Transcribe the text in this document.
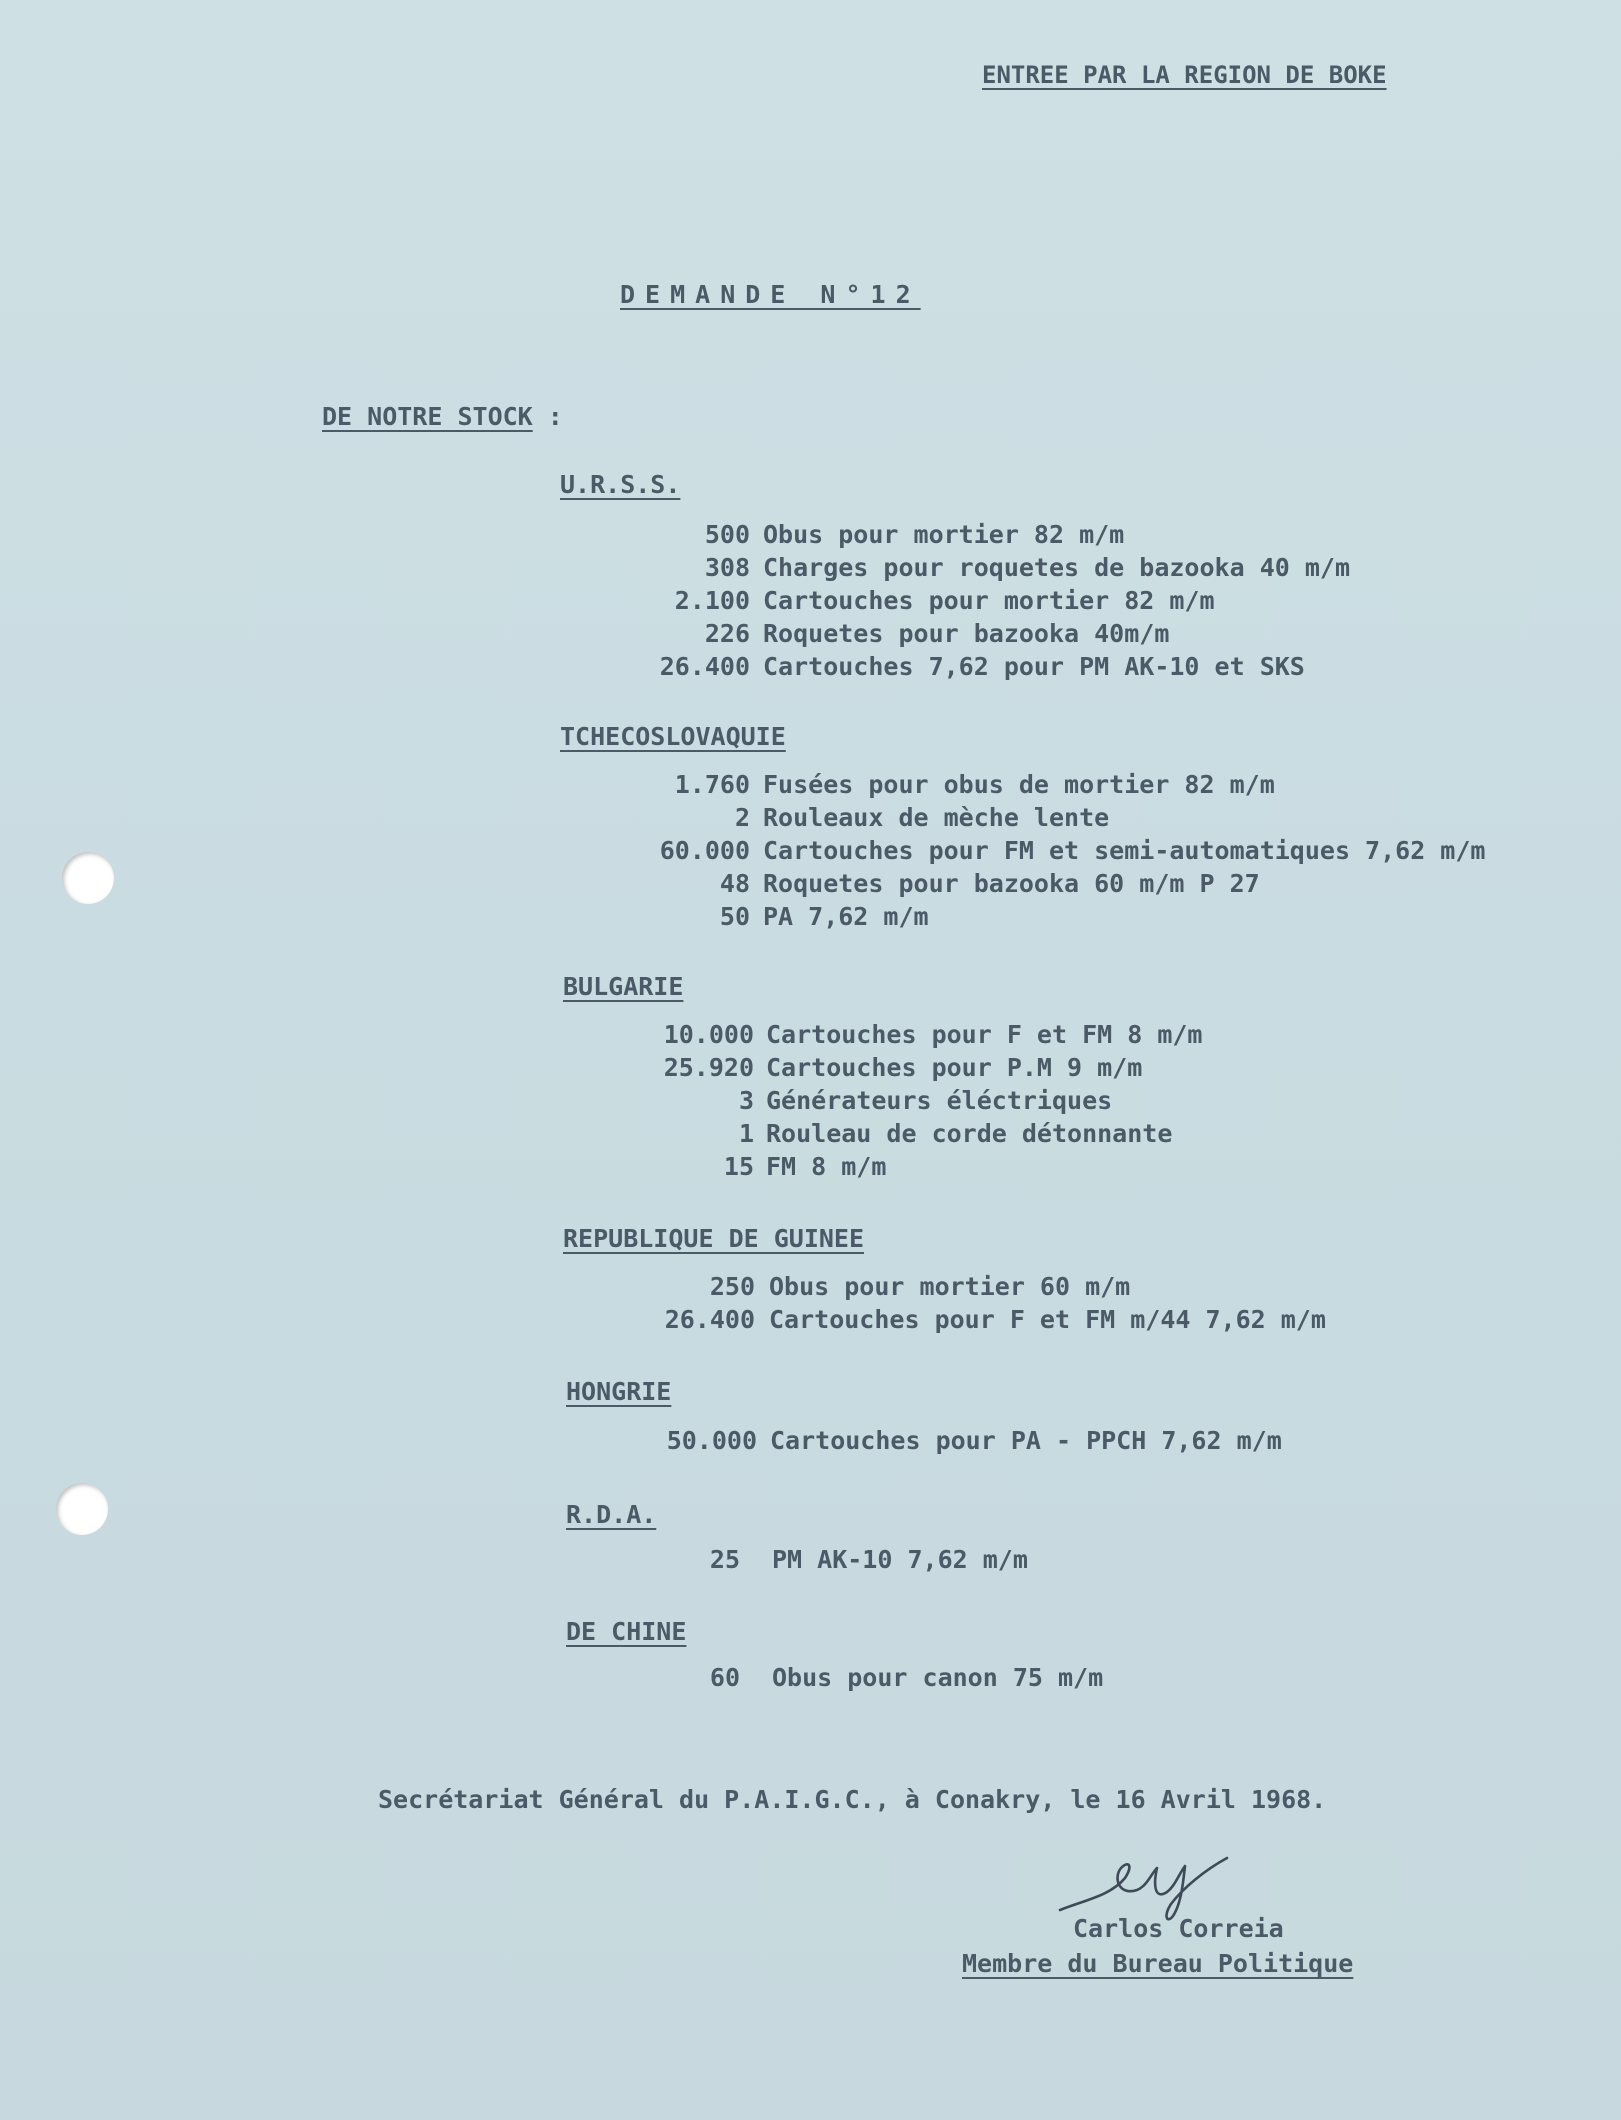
ENTREE PAR LA REGION DE BOKE
DEMANDE N°12
DE NOTRE STOCK :
U.R.S.S.
500 Obus pour mortier 82 m/m
308 Charges pour roquetes de bazooka 40 m/m
2.100 Cartouches pour mortier 82 m/m
226 Roquetes pour bazooka 40m/m
26.400 Cartouches 7,62 pour PM AK-10 et SKS
TCHECOSLOVAQUIE
1.760 Fusées pour obus de mortier 82 m/m
2 Rouleaux de mèche lente
60.000 Cartouches pour FM et semi-automatiques 7,62 m/m
48 Roquetes pour bazooka 60 m/m P 27
50 PA 7,62 m/m
BULGARIE
10.000 Cartouches pour F et FM 8 m/m
25.920 Cartouches pour P.M 9 m/m
3 Générateurs éléctriques
1 Rouleau de corde détonnante
15 FM 8 m/m
REPUBLIQUE DE GUINEE
250 Obus pour mortier 60 m/m
26.400 Cartouches pour F et FM m/44 7,62 m/m
HONGRIE
50.000 Cartouches pour PA - PPCH 7,62 m/m
R.D.A.
25 PM AK-10 7,62 m/m
DE CHINE
60 Obus pour canon 75 m/m
Secrétariat Général du P.A.I.G.C., à Conakry, le 16 Avril 1968.
Cc
Carlos Correia
Membre du Bureau Politique
